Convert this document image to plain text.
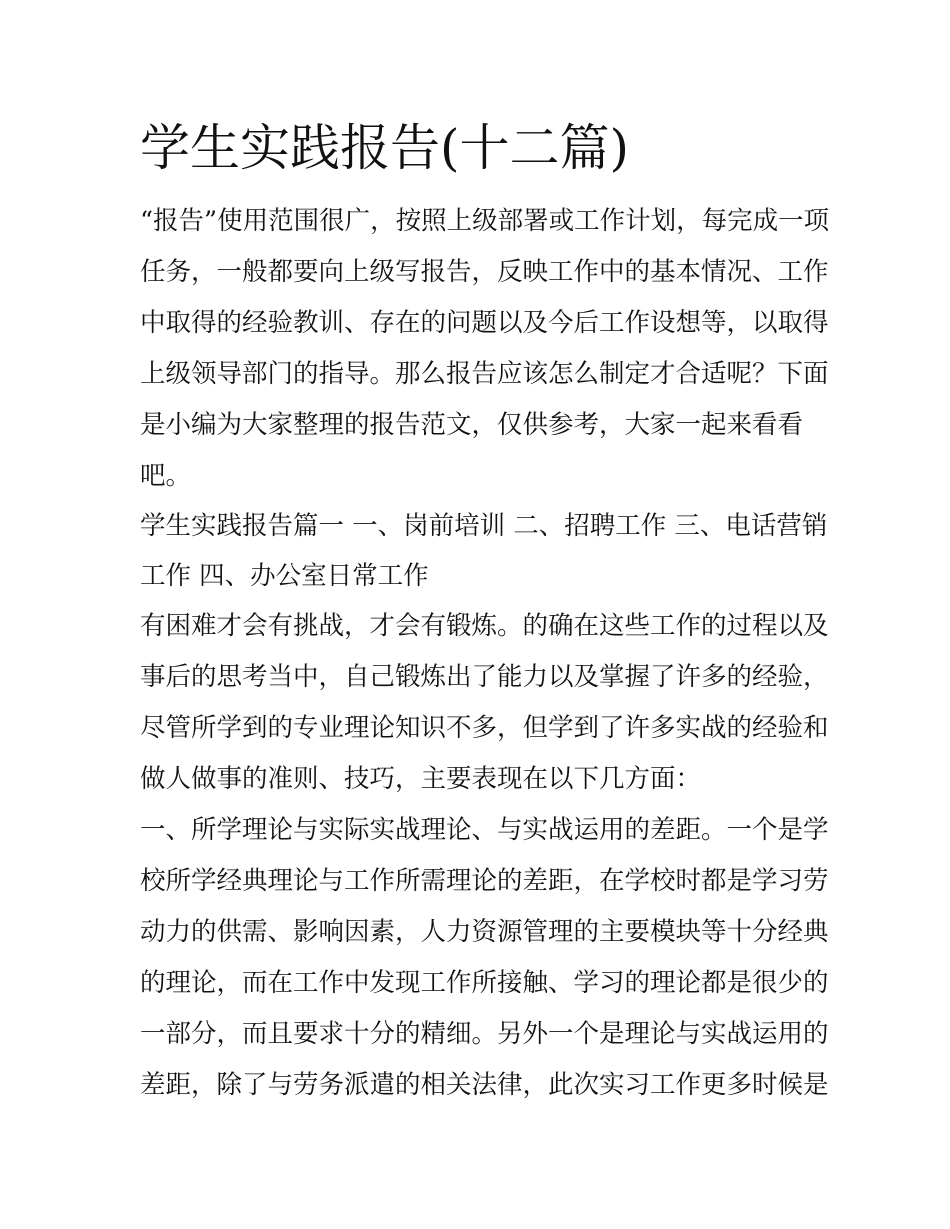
学生实践报告(十二篇)
“报告”使用范围很广，按照上级部署或工作计划，每完成一项
任务，一般都要向上级写报告，反映工作中的基本情况、工作
中取得的经验教训、存在的问题以及今后工作设想等，以取得
上级领导部门的指导。那么报告应该怎么制定才合适呢？下面
是小编为大家整理的报告范文，仅供参考，大家一起来看看
吧。
学生实践报告篇一 一、岗前培训 二、招聘工作 三、电话营销
工作 四、办公室日常工作
有困难才会有挑战，才会有锻炼。的确在这些工作的过程以及
事后的思考当中，自己锻炼出了能力以及掌握了许多的经验，
尽管所学到的专业理论知识不多，但学到了许多实战的经验和
做人做事的准则、技巧，主要表现在以下几方面：
一、所学理论与实际实战理论、与实战运用的差距。一个是学
校所学经典理论与工作所需理论的差距，在学校时都是学习劳
动力的供需、影响因素，人力资源管理的主要模块等十分经典
的理论，而在工作中发现工作所接触、学习的理论都是很少的
一部分，而且要求十分的精细。另外一个是理论与实战运用的
差距，除了与劳务派遣的相关法律，此次实习工作更多时候是
